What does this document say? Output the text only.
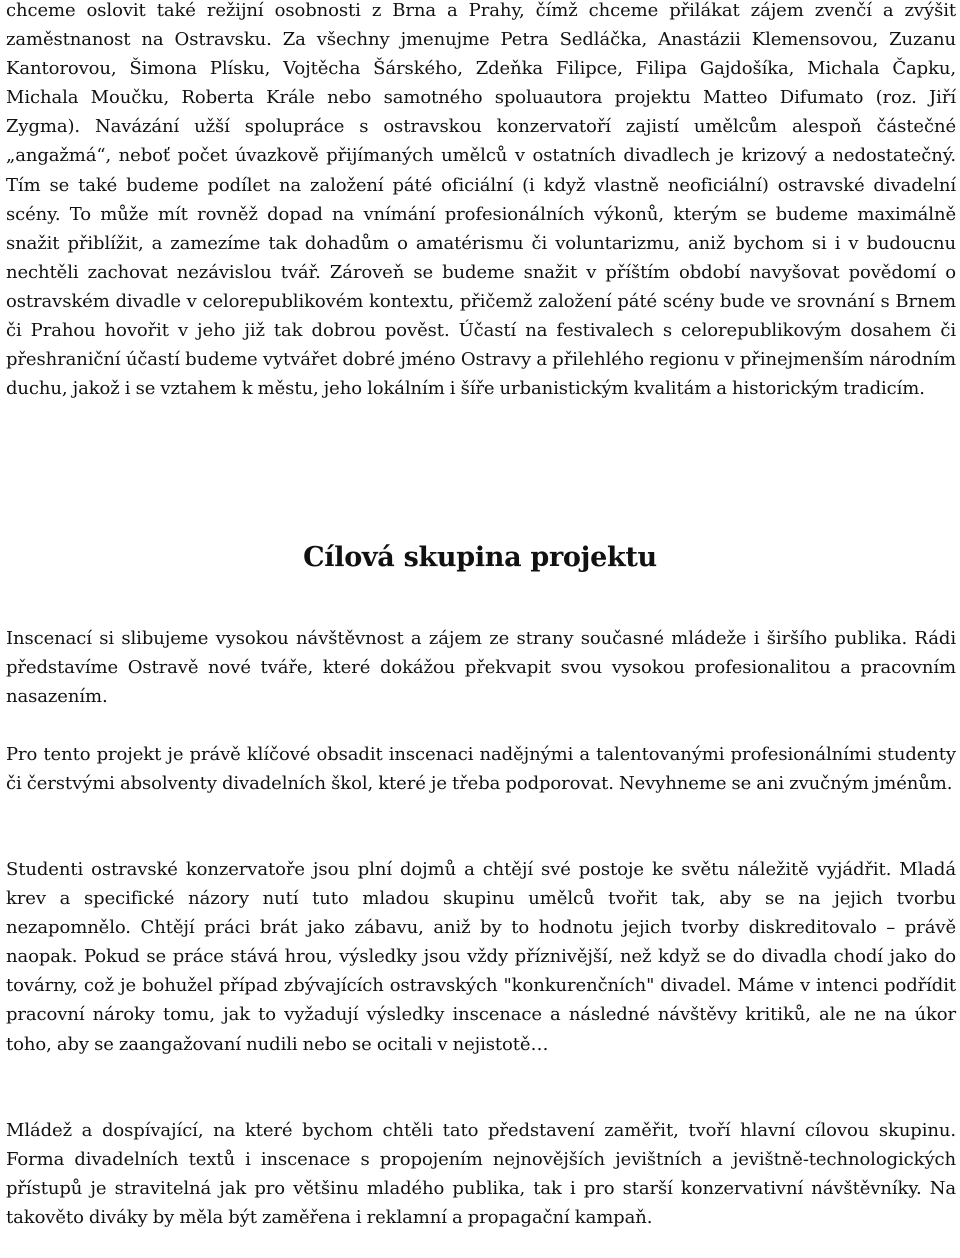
chceme oslovit také režijní osobnosti z Brna a Prahy, čímž chceme přilákat zájem zvenčí a zvýšit zaměstnanost na Ostravsku. Za všechny jmenujme Petra Sedláčka, Anastázii Klemensovou, Zuzanu Kantorovou, Šimona Plísku, Vojtěcha Šárského, Zdeňka Filipce, Filipa Gajdošíka, Michala Čapku, Michala Moučku, Roberta Krále nebo samotného spoluautora projektu Matteo Difumato (roz. Jiří Zygma). Navázání užší spolupráce s ostravskou konzervatoří zajistí umělcům alespoň částečné „angažmá“, neboť počet úvazkově přijímaných umělců v ostatních divadlech je krizový a nedostatečný. Tím se také budeme podílet na založení páté oficiální (i když vlastně neoficiální) ostravské divadelní scény. To může mít rovněž dopad na vnímání profesionálních výkonů, kterým se budeme maximálně snažit přiblížit, a zamezíme tak dohadům o amatérismu či voluntarizmu, aniž bychom si i v budoucnu nechtěli zachovat nezávislou tvář. Zároveň se budeme snažit v příštím období navyšovat povědomí o ostravském divadle v celorepublikovém kontextu, přičemž založení páté scény bude ve srovnání s Brnem či Prahou hovořit v jeho již tak dobrou pověst. Účastí na festivalech s celorepublikovým dosahem či přeshraniční účastí budeme vytvářet dobré jméno Ostravy a přilehlého regionu v přinejmenším národním duchu, jakož i se vztahem k městu, jeho lokálním i šíře urbanistickým kvalitám a historickým tradicím.

Cílová skupina projektu

Inscenací si slibujeme vysokou návštěvnost a zájem ze strany současné mládeže i širšího publika. Rádi představíme Ostravě nové tváře, které dokážou překvapit svou vysokou profesionalitou a pracovním nasazením.

Pro tento projekt je právě klíčové obsadit inscenaci nadějnými a talentovanými profesionálními studenty či čerstvými absolventy divadelních škol, které je třeba podporovat. Nevyhneme se ani zvučným jménům.

Studenti ostravské konzervatoře jsou plní dojmů a chtějí své postoje ke světu náležitě vyjádřit. Mladá krev a specifické názory nutí tuto mladou skupinu umělců tvořit tak, aby se na jejich tvorbu nezapomnělo. Chtějí práci brát jako zábavu, aniž by to hodnotu jejich tvorby diskreditovalo – právě naopak. Pokud se práce stává hrou, výsledky jsou vždy příznivější, než když se do divadla chodí jako do továrny, což je bohužel případ zbývajících ostravských "konkurenčních" divadel. Máme v intenci podřídit pracovní nároky tomu, jak to vyžadují výsledky inscenace a následné návštěvy kritiků, ale ne na úkor toho, aby se zaangažovaní nudili nebo se ocitali v nejistotě…

Mládež a dospívající, na které bychom chtěli tato představení zaměřit, tvoří hlavní cílovou skupinu. Forma divadelních textů i inscenace s propojením nejnovějších jevištních a jevištně-technologických přístupů je stravitelná jak pro většinu mladého publika, tak i pro starší konzervativní návštěvníky. Na takověto diváky by měla být zaměřena i reklamní a propagační kampaň.
